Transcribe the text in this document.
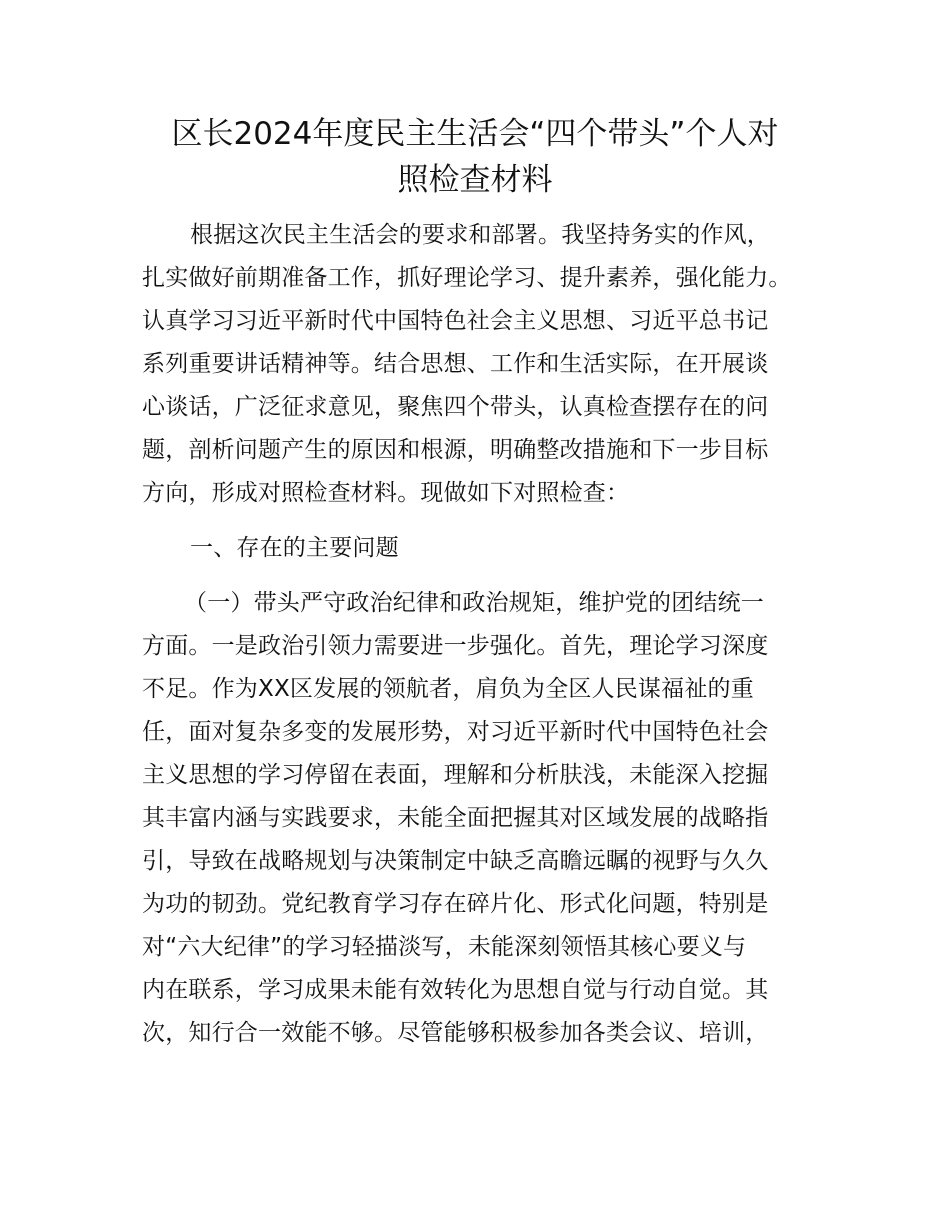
区长2024年度民主生活会“四个带头”个人对
照检查材料
根据这次民主生活会的要求和部署。我坚持务实的作风，
扎实做好前期准备工作，抓好理论学习、提升素养，强化能力。
认真学习习近平新时代中国特色社会主义思想、习近平总书记
系列重要讲话精神等。结合思想、工作和生活实际，在开展谈
心谈话，广泛征求意见，聚焦四个带头，认真检查摆存在的问
题，剖析问题产生的原因和根源，明确整改措施和下一步目标
方向，形成对照检查材料。现做如下对照检查：
一、存在的主要问题
（一）带头严守政治纪律和政治规矩，维护党的团结统一
方面。一是政治引领力需要进一步强化。首先，理论学习深度
不足。作为XX区发展的领航者，肩负为全区人民谋福祉的重
任，面对复杂多变的发展形势，对习近平新时代中国特色社会
主义思想的学习停留在表面，理解和分析肤浅，未能深入挖掘
其丰富内涵与实践要求，未能全面把握其对区域发展的战略指
引，导致在战略规划与决策制定中缺乏高瞻远瞩的视野与久久
为功的韧劲。党纪教育学习存在碎片化、形式化问题，特别是
对“六大纪律”的学习轻描淡写，未能深刻领悟其核心要义与
内在联系，学习成果未能有效转化为思想自觉与行动自觉。其
次，知行合一效能不够。尽管能够积极参加各类会议、培训，
